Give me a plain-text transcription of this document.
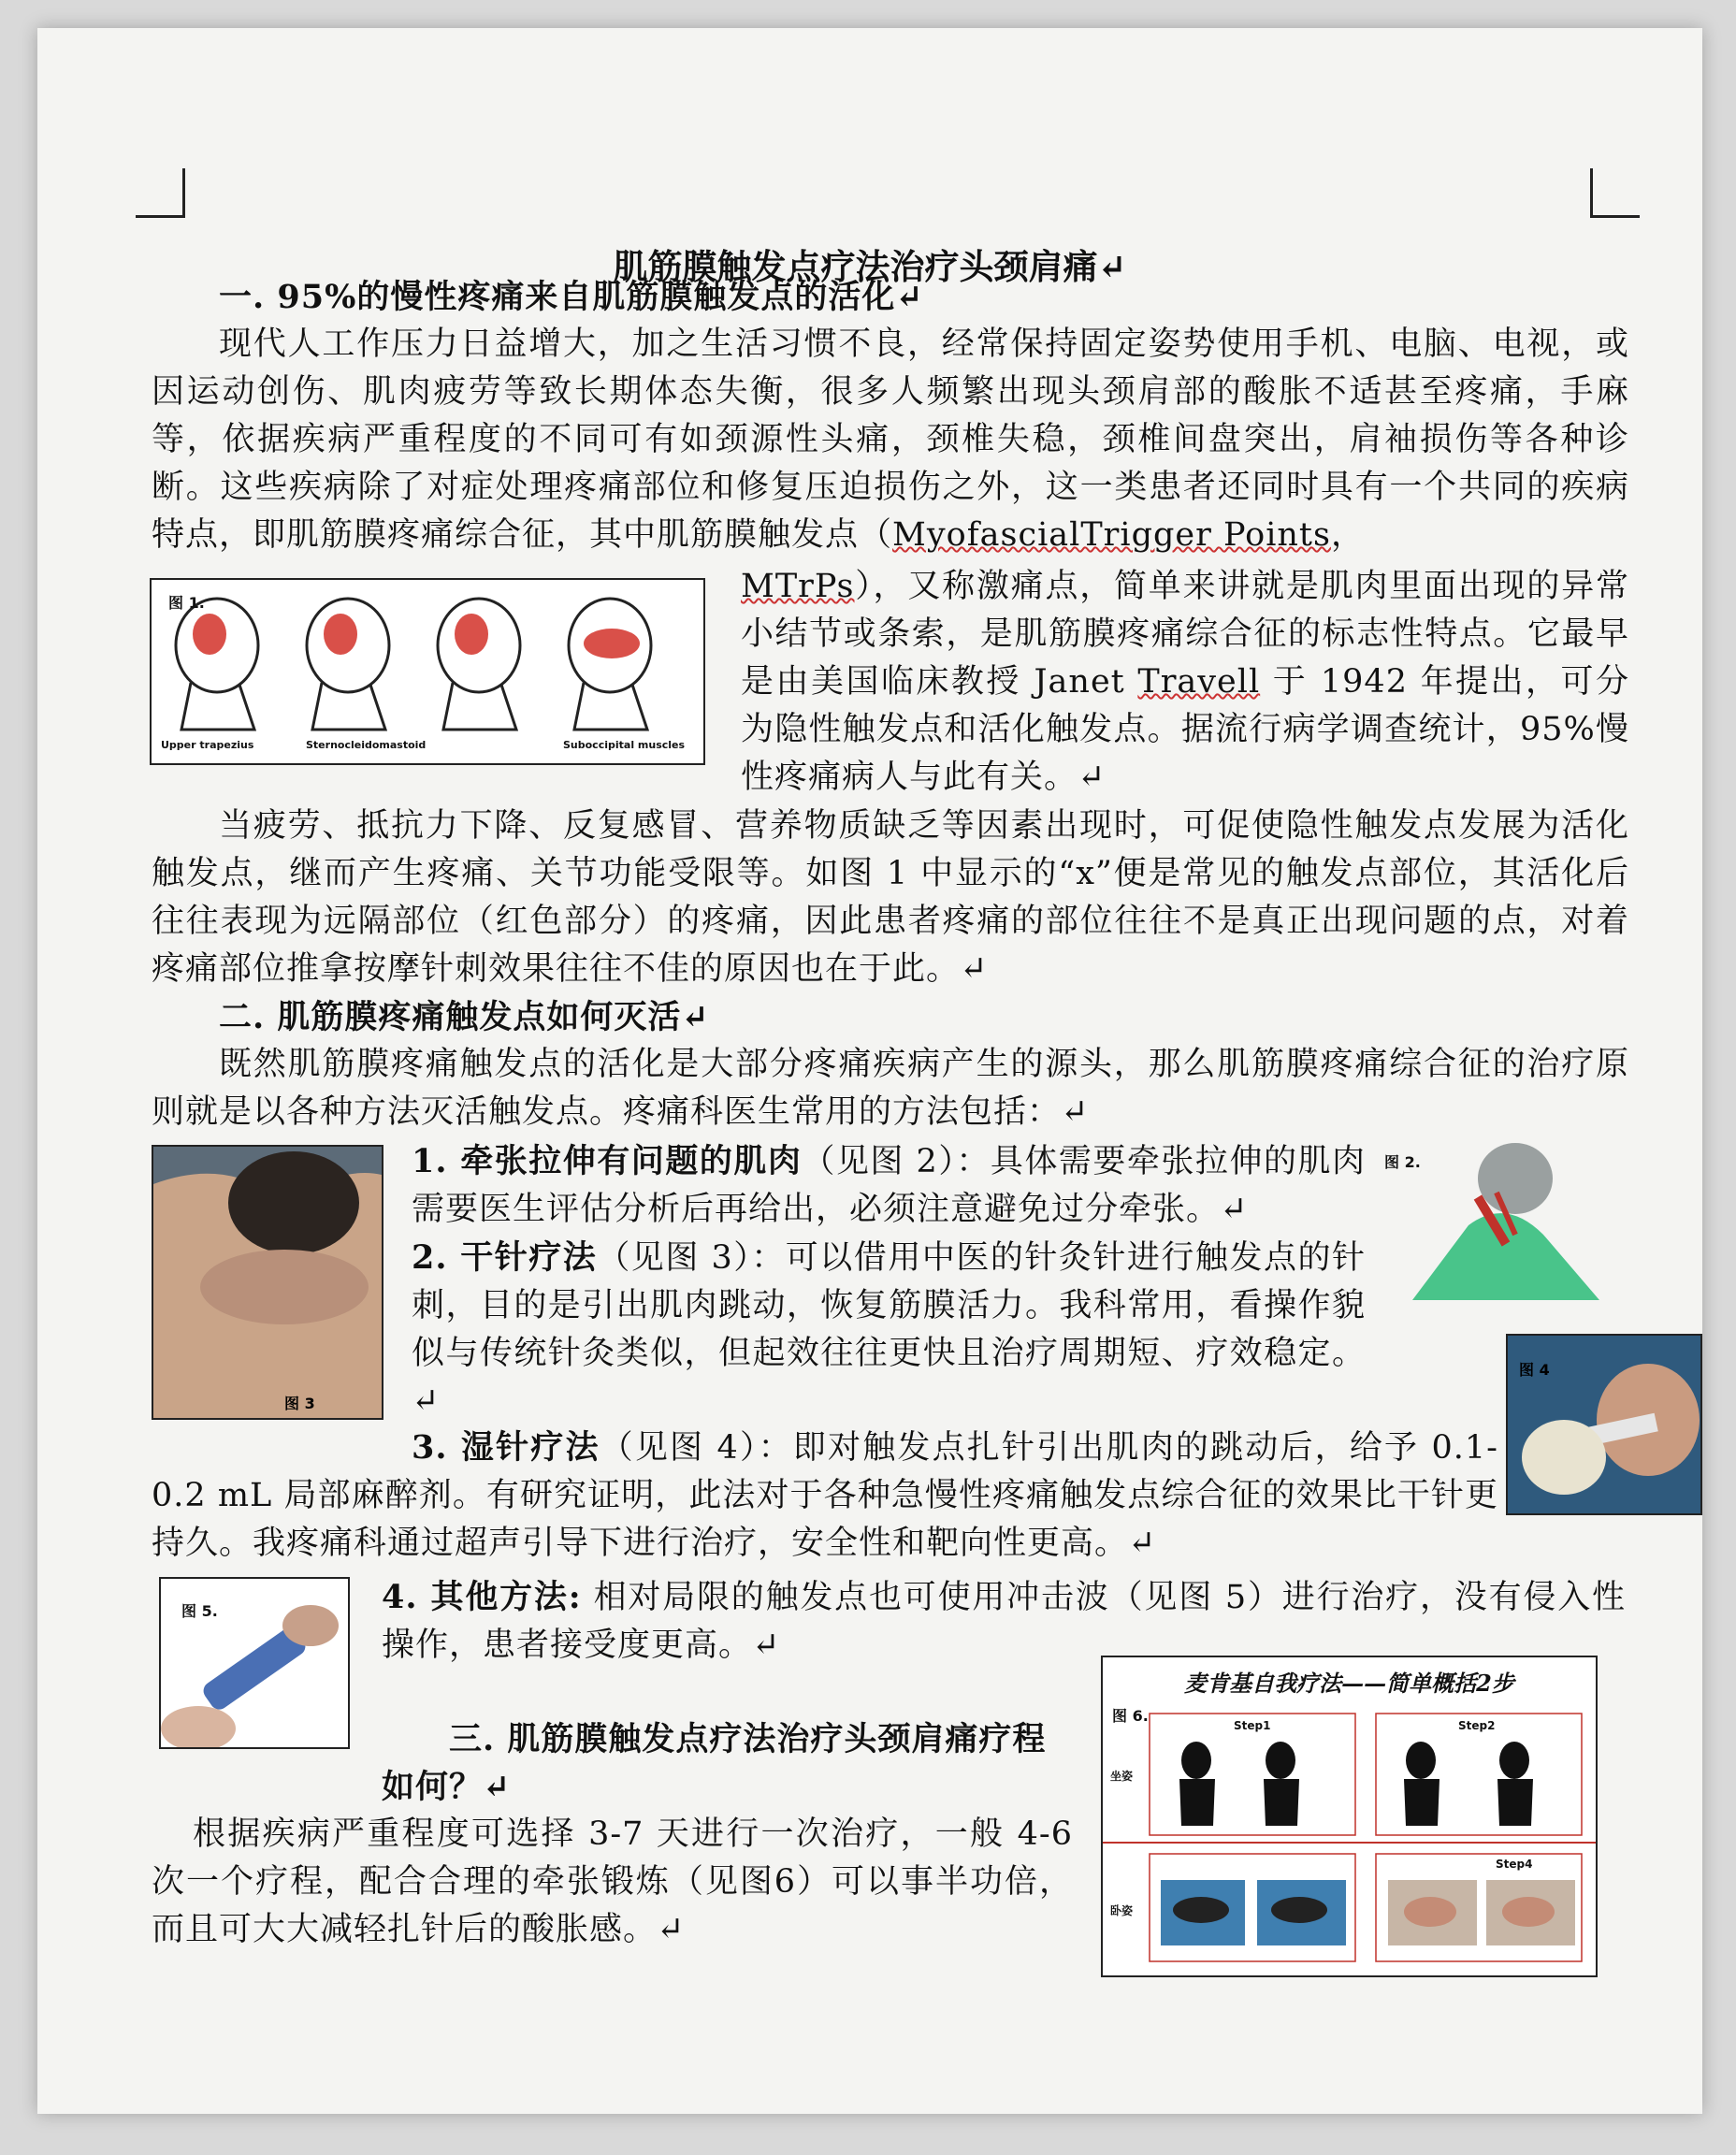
肌筋膜触发点疗法治疗头颈肩痛↵

一. 95%的慢性疼痛来自肌筋膜触发点的活化↵

现代人工作压力日益增大，加之生活习惯不良，经常保持固定姿势使用手机、电脑、电视，或因运动创伤、肌肉疲劳等致长期体态失衡，很多人频繁出现头颈肩部的酸胀不适甚至疼痛，手麻等，依据疾病严重程度的不同可有如颈源性头痛，颈椎失稳，颈椎间盘突出，肩袖损伤等各种诊断。这些疾病除了对症处理疼痛部位和修复压迫损伤之外，这一类患者还同时具有一个共同的疾病特点，即肌筋膜疼痛综合征，其中肌筋膜触发点（MyofascialTrigger Points，

图 1.
Upper trapezius	Sternocleidomastoid	Suboccipital muscles

MTrPs），又称激痛点，简单来讲就是肌肉里面出现的异常小结节或条索，是肌筋膜疼痛综合征的标志性特点。它最早是由美国临床教授 Janet Travell 于 1942 年提出，可分为隐性触发点和活化触发点。据流行病学调查统计，95%慢性疼痛病人与此有关。↵

当疲劳、抵抗力下降、反复感冒、营养物质缺乏等因素出现时，可促使隐性触发点发展为活化触发点，继而产生疼痛、关节功能受限等。如图 1 中显示的“x”便是常见的触发点部位，其活化后往往表现为远隔部位（红色部分）的疼痛，因此患者疼痛的部位往往不是真正出现问题的点，对着疼痛部位推拿按摩针刺效果往往不佳的原因也在于此。↵

二. 肌筋膜疼痛触发点如何灭活↵

既然肌筋膜疼痛触发点的活化是大部分疼痛疾病产生的源头，那么肌筋膜疼痛综合征的治疗原则就是以各种方法灭活触发点。疼痛科医生常用的方法包括：↵

图 3

1. 牵张拉伸有问题的肌肉（见图 2）：具体需要牵张拉伸的肌肉需要医生评估分析后再给出，必须注意避免过分牵张。↵

2. 干针疗法（见图 3）：可以借用中医的针灸针进行触发点的针刺，目的是引出肌肉跳动，恢复筋膜活力。我科常用，看操作貌似与传统针灸类似，但起效往往更快且治疗周期短、疗效稳定。↵

图 2.
图 4

3. 湿针疗法（见图 4）：即对触发点扎针引出肌肉的跳动后，给予 0.1-0.2 mL 局部麻醉剂。有研究证明，此法对于各种急慢性疼痛触发点综合征的效果比干针更持久。我疼痛科通过超声引导下进行治疗，安全性和靶向性更高。↵

图 5.	4. 其他方法: 相对局限的触发点也可使用冲击波（见图 5）进行治疗，没有侵入性操作，患者接受度更高。↵

三. 肌筋膜触发点疗法治疗头颈肩痛疗程如何？↵

根据疾病严重程度可选择 3-7 天进行一次治疗，一般 4-6 次一个疗程，配合合理的牵张锻炼（见图6）可以事半功倍，而且可大大减轻扎针后的酸胀感。↵

麦肯基自我疗法——简单概括2步
图 6.
Step1	Step2
Step4
坐姿
卧姿
